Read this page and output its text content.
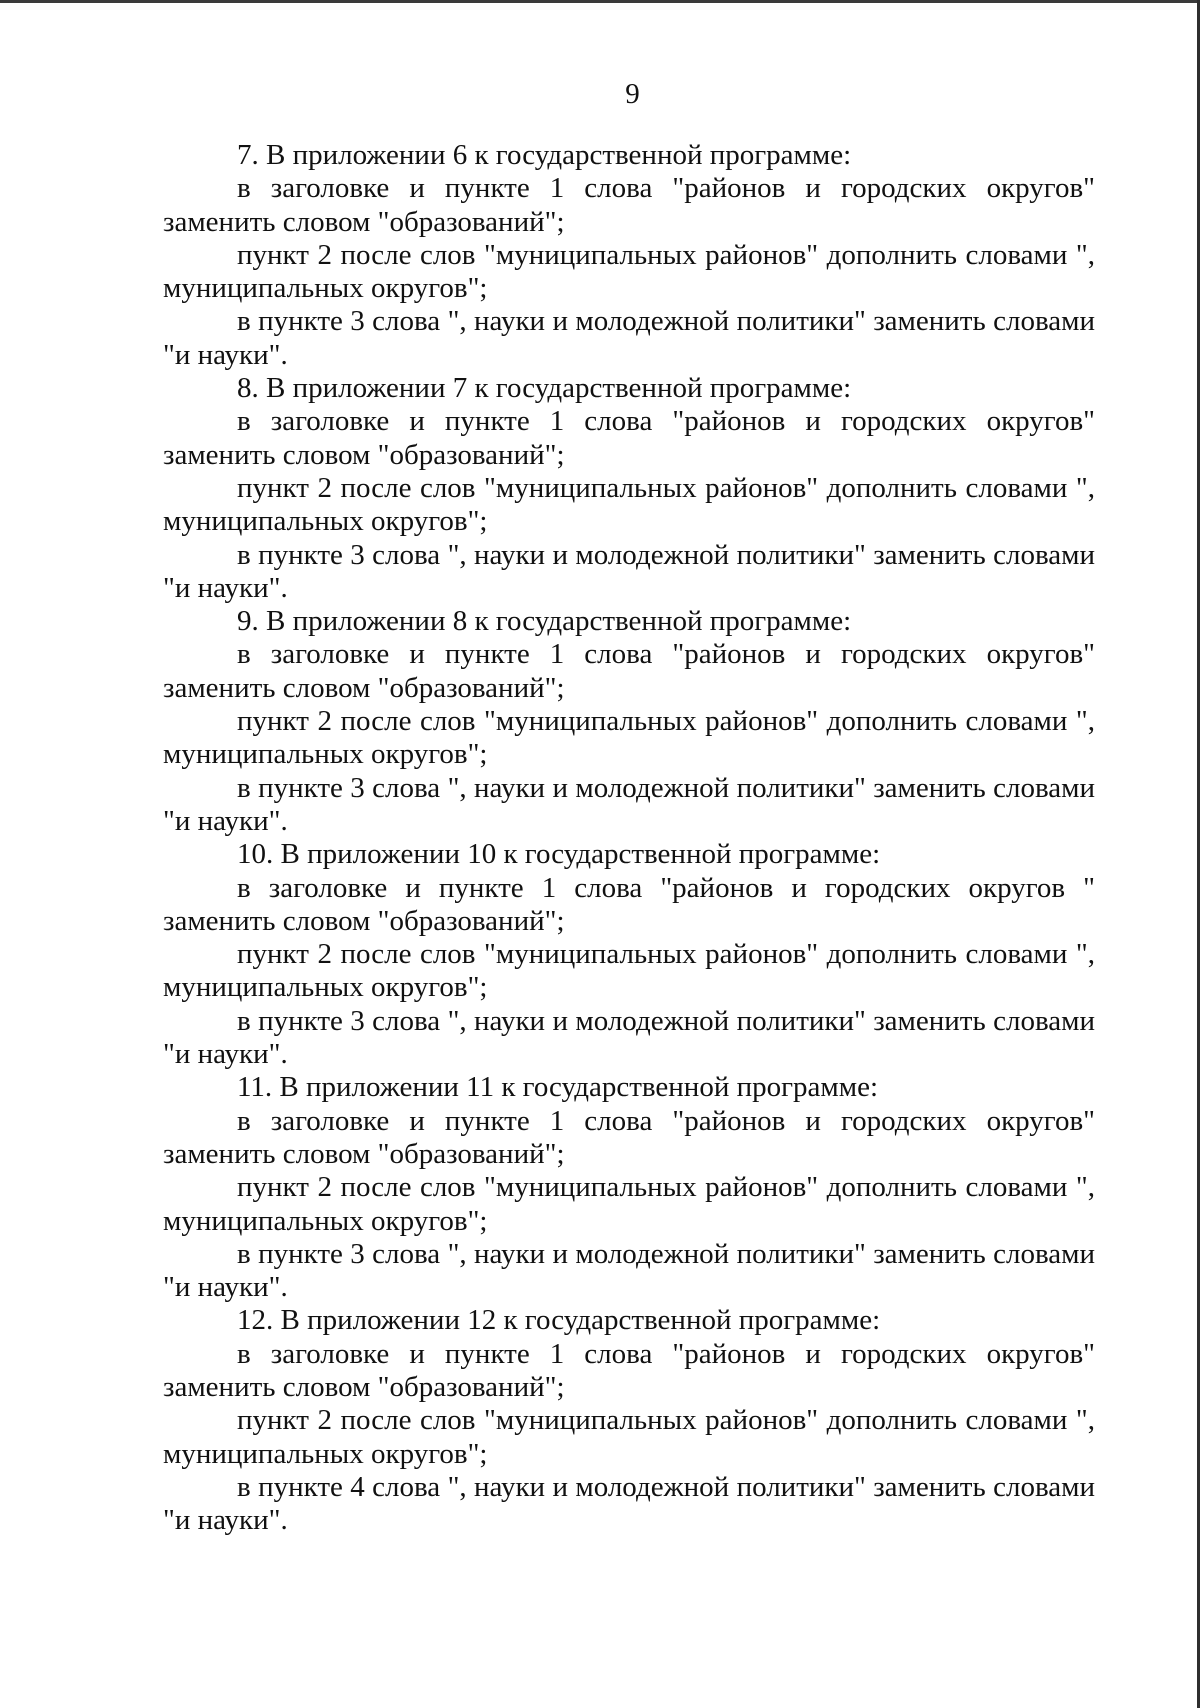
9

7. В приложении 6 к государственной программе:

в заголовке и пункте 1 слова "районов и городских округов" заменить словом "образований";

пункт 2 после слов "муниципальных районов" дополнить словами ", муниципальных округов";

в пункте 3 слова ", науки и молодежной политики" заменить словами "и науки".

8. В приложении 7 к государственной программе:

в заголовке и пункте 1 слова "районов и городских округов" заменить словом "образований";

пункт 2 после слов "муниципальных районов" дополнить словами ", муниципальных округов";

в пункте 3 слова ", науки и молодежной политики" заменить словами "и науки".

9. В приложении 8 к государственной программе:

в заголовке и пункте 1 слова "районов и городских округов" заменить словом "образований";

пункт 2 после слов "муниципальных районов" дополнить словами ", муниципальных округов";

в пункте 3 слова ", науки и молодежной политики" заменить словами "и науки".

10. В приложении 10 к государственной программе:

в заголовке и пункте 1 слова "районов и городских округов " заменить словом "образований";

пункт 2 после слов "муниципальных районов" дополнить словами ", муниципальных округов";

в пункте 3 слова ", науки и молодежной политики" заменить словами "и науки".

11. В приложении 11 к государственной программе:

в заголовке и пункте 1 слова "районов и городских округов" заменить словом "образований";

пункт 2 после слов "муниципальных районов" дополнить словами ", муниципальных округов";

в пункте 3 слова ", науки и молодежной политики" заменить словами "и науки".

12. В приложении 12 к государственной программе:

в заголовке и пункте 1 слова "районов и городских округов" заменить словом "образований";

пункт 2 после слов "муниципальных районов" дополнить словами ", муниципальных округов";

в пункте 4 слова ", науки и молодежной политики" заменить словами "и науки".
